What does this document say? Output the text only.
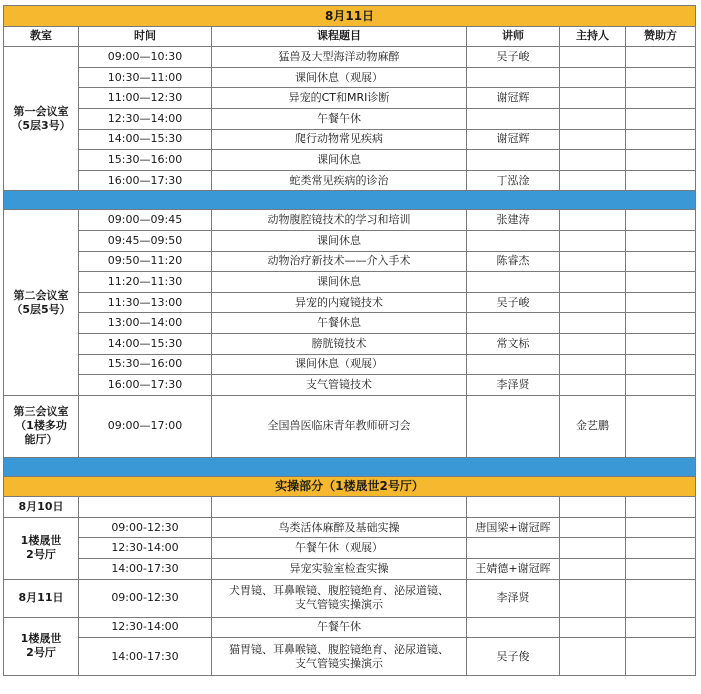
8月11日					
教室	时间	课程题目	讲师	主持人	赞助方
第一会议室
（5层3号）	09:00—10:30	猛兽及大型海洋动物麻醉	吴子峻		
	10:30—11:00	课间休息（观展）			
	11:00—12:30	异宠的CT和MRI诊断	谢冠辉		
	12:30—14:00	午餐午休			
	14:00—15:30	爬行动物常见疾病	谢冠辉		
	15:30—16:00	课间休息			
	16:00—17:30	蛇类常见疾病的诊治	丁泓淦		

第二会议室
（5层5号）	09:00—09:45	动物腹腔镜技术的学习和培训	张建涛		
	09:45—09:50	课间休息			
	09:50—11:20	动物治疗新技术——介入手术	陈睿杰		
	11:20—11:30	课间休息			
	11:30—13:00	异宠的内窥镜技术	吴子峻		
	13:00—14:00	午餐休息			
	14:00—15:30	膀胱镜技术	常文标		
	15:30—16:00	课间休息（观展）			
	16:00—17:30	支气管镜技术	李泽贤		
第三会议室
（1楼多功
能厅）	09:00—17:00	全国兽医临床青年教师研习会		金艺鹏	

实操部分（1楼晟世2号厅）					
8月10日					
1楼晟世
2号厅	09:00-12:30	鸟类活体麻醉及基础实操	唐国梁+谢冠晖		
	12:30-14:00	午餐午休（观展）			
	14:00-17:30	异宠实验室检查实操	王婧德+谢冠晖		
8月11日	09:00-12:30	犬胃镜、耳鼻喉镜、腹腔镜绝育、泌尿道镜、
支气管镜实操演示	李泽贤		
1楼晟世
2号厅	12:30-14:00	午餐午休			
	14:00-17:30	猫胃镜、耳鼻喉镜、腹腔镜绝育、泌尿道镜、
支气管镜实操演示	吴子俊		
